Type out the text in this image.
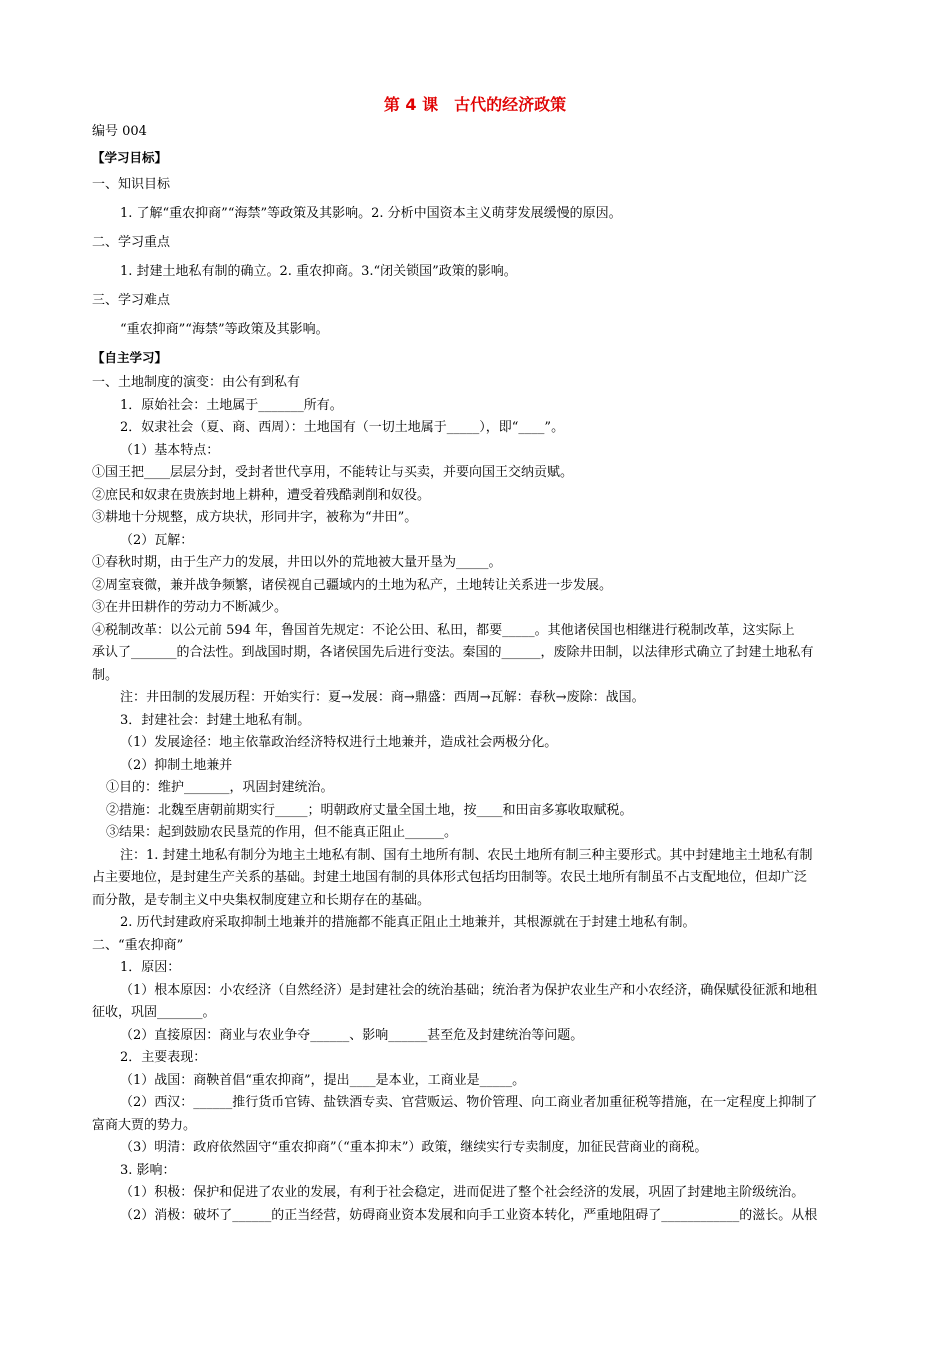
第 4 课　古代的经济政策
编号 004
【学习目标】
一、知识目标
1. 了解“重农抑商”“海禁”等政策及其影响。2. 分析中国资本主义萌芽发展缓慢的原因。
二、学习重点
1. 封建土地私有制的确立。2. 重农抑商。3.“闭关锁国”政策的影响。
三、学习难点
“重农抑商”“海禁”等政策及其影响。
【自主学习】
一、土地制度的演变：由公有到私有
1．原始社会：土地属于_______所有。
2．奴隶社会（夏、商、西周）：土地国有（一切土地属于_____），即“____”。
（1）基本特点：
①国王把____层层分封，受封者世代享用，不能转让与买卖，并要向国王交纳贡赋。
②庶民和奴隶在贵族封地上耕种，遭受着残酷剥削和奴役。
③耕地十分规整，成方块状，形同井字，被称为“井田”。
（2）瓦解：
①春秋时期，由于生产力的发展，井田以外的荒地被大量开垦为_____。
②周室衰微，兼并战争频繁，诸侯视自己疆域内的土地为私产，土地转让关系进一步发展。
③在井田耕作的劳动力不断减少。
④税制改革：以公元前 594 年，鲁国首先规定：不论公田、私田，都要_____。其他诸侯国也相继进行税制改革，这实际上
承认了_______的合法性。到战国时期，各诸侯国先后进行变法。秦国的______，废除井田制，以法律形式确立了封建土地私有
制。
注：井田制的发展历程：开始实行：夏→发展：商→鼎盛：西周→瓦解：春秋→废除：战国。
3．封建社会：封建土地私有制。
（1）发展途径：地主依靠政治经济特权进行土地兼并，造成社会两极分化。
（2）抑制土地兼并
①目的：维护_______，巩固封建统治。
②措施：北魏至唐朝前期实行_____；明朝政府丈量全国土地，按____和田亩多寡收取赋税。
③结果：起到鼓励农民垦荒的作用，但不能真正阻止______。
注：1. 封建土地私有制分为地主土地私有制、国有土地所有制、农民土地所有制三种主要形式。其中封建地主土地私有制
占主要地位，是封建生产关系的基础。封建土地国有制的具体形式包括均田制等。农民土地所有制虽不占支配地位，但却广泛
而分散，是专制主义中央集权制度建立和长期存在的基础。
2. 历代封建政府采取抑制土地兼并的措施都不能真正阻止土地兼并，其根源就在于封建土地私有制。
二、“重农抑商”
1．原因：
（1）根本原因：小农经济（自然经济）是封建社会的统治基础；统治者为保护农业生产和小农经济，确保赋役征派和地租
征收，巩固_______。
（2）直接原因：商业与农业争夺______、影响______甚至危及封建统治等问题。
2．主要表现：
（1）战国：商鞅首倡“重农抑商”，提出____是本业，工商业是_____。
（2）西汉：______推行货币官铸、盐铁酒专卖、官营贩运、物价管理、向工商业者加重征税等措施，在一定程度上抑制了
富商大贾的势力。
（3）明清：政府依然固守“重农抑商”（“重本抑末”）政策，继续实行专卖制度，加征民营商业的商税。
3. 影响：
（1）积极：保护和促进了农业的发展，有利于社会稳定，进而促进了整个社会经济的发展，巩固了封建地主阶级统治。
（2）消极：破坏了______的正当经营，妨碍商业资本发展和向手工业资本转化，严重地阻碍了____________的滋长。从根
